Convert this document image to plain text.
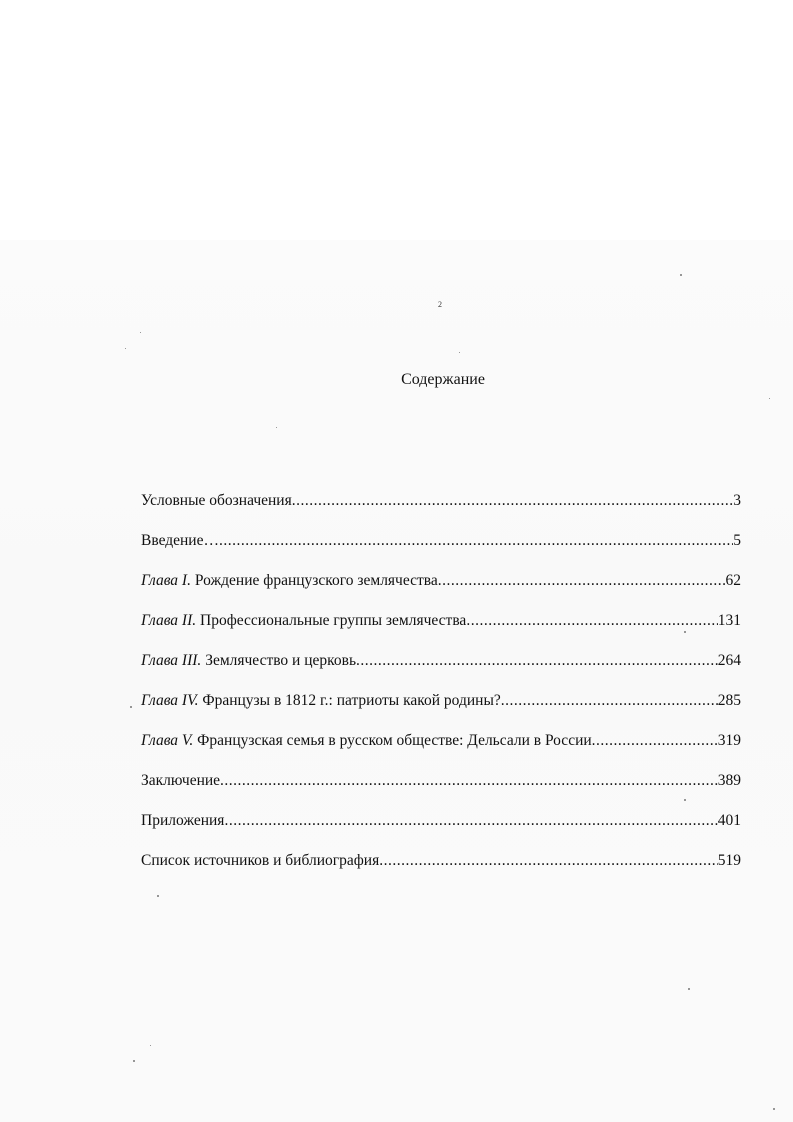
2
Содержание
Условные обозначения .....	3
Введение… .....	5
Глава I. Рождение французского землячества .....	62
Глава II. Профессиональные группы землячества .....	131
Глава III. Землячество и церковь .....	264
Глава IV. Французы в 1812 г.: патриоты какой родины? .....	285
Глава V. Французская семья в русском обществе: Дельсали в России .....	319
Заключение .....	389
Приложения .....	401
Список источников и библиография .....	519
